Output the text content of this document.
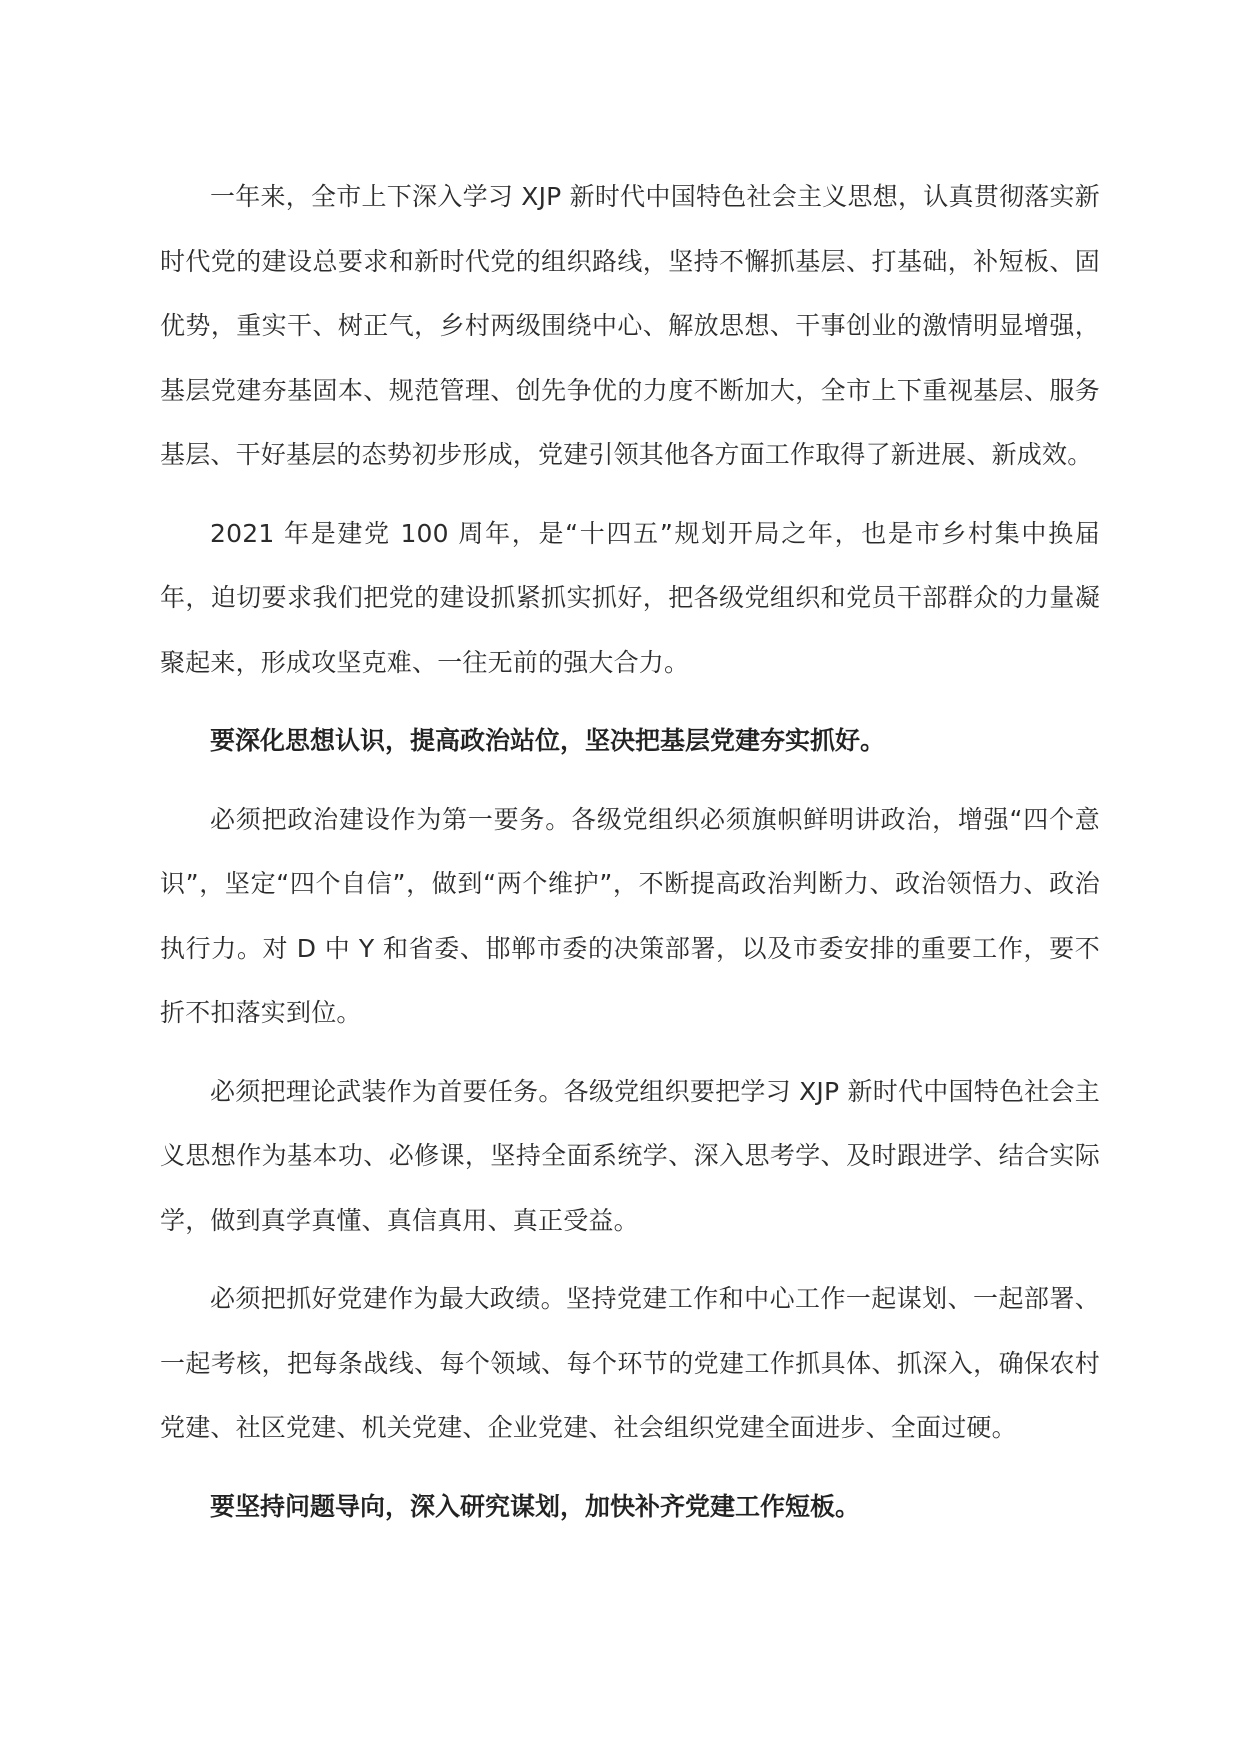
一年来，全市上下深入学习 XJP 新时代中国特色社会主义思想，认真贯彻落实新时代党的建设总要求和新时代党的组织路线，坚持不懈抓基层、打基础，补短板、固优势，重实干、树正气，乡村两级围绕中心、解放思想、干事创业的激情明显增强，基层党建夯基固本、规范管理、创先争优的力度不断加大，全市上下重视基层、服务基层、干好基层的态势初步形成，党建引领其他各方面工作取得了新进展、新成效。

2021 年是建党 100 周年，是“十四五”规划开局之年，也是市乡村集中换届年，迫切要求我们把党的建设抓紧抓实抓好，把各级党组织和党员干部群众的力量凝聚起来，形成攻坚克难、一往无前的强大合力。

要深化思想认识，提高政治站位，坚决把基层党建夯实抓好。

必须把政治建设作为第一要务。各级党组织必须旗帜鲜明讲政治，增强“四个意识”，坚定“四个自信”，做到“两个维护”，不断提高政治判断力、政治领悟力、政治执行力。对 D 中 Y 和省委、邯郸市委的决策部署，以及市委安排的重要工作，要不折不扣落实到位。

必须把理论武装作为首要任务。各级党组织要把学习 XJP 新时代中国特色社会主义思想作为基本功、必修课，坚持全面系统学、深入思考学、及时跟进学、结合实际学，做到真学真懂、真信真用、真正受益。

必须把抓好党建作为最大政绩。坚持党建工作和中心工作一起谋划、一起部署、一起考核，把每条战线、每个领域、每个环节的党建工作抓具体、抓深入，确保农村党建、社区党建、机关党建、企业党建、社会组织党建全面进步、全面过硬。

要坚持问题导向，深入研究谋划，加快补齐党建工作短板。
